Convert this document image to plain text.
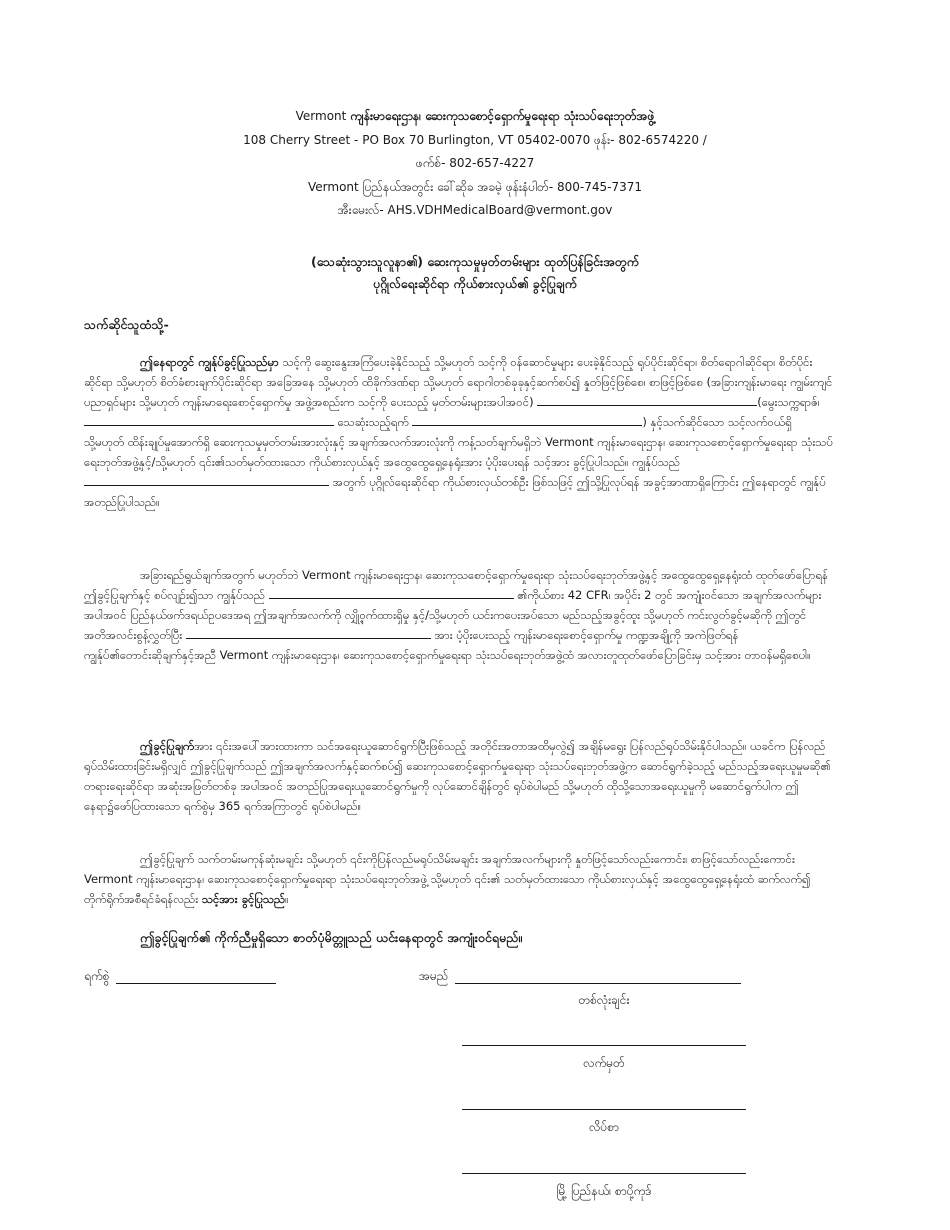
Vermont ကျန်းမာရေးဌာန၊ ဆေးကုသစောင့်ရှောက်မှုရေးရာ သုံးသပ်ရေးဘုတ်အဖွဲ့
108 Cherry Street - PO Box 70 Burlington, VT 05402-0070 ဖုန်း- 802-6574220 /
ဖက်စ်- 802-657-4227
Vermont ပြည်နယ်အတွင်း ခေါ်ဆိုခ အခမဲ့ ဖုန်းနံပါတ်- 800-745-7371
အီးမေးလ်- AHS.VDHMedicalBoard@vermont.gov
(သေဆုံးသွားသူလူနာ၏) ဆေးကုသမှုမှတ်တမ်းများ ထုတ်ပြန်ခြင်းအတွက်
ပုဂ္ဂိုလ်ရေးဆိုင်ရာ ကိုယ်စားလှယ်၏ ခွင့်ပြုချက်
သက်ဆိုင်သူထံသို့-

ဤနေရာတွင် ကျွန်ုပ်ခွင့်ပြုသည်မှာ သင့်ကို ဆွေးနွေးအကြံပေးခဲ့နိုင်သည့် သို့မဟုတ် သင့်ကို ဝန်ဆောင်မှုများ ပေးခဲ့နိုင်သည့် ရုပ်ပိုင်းဆိုင်ရာ၊ စိတ်ရောဂါဆိုင်ရာ၊ စိတ်ပိုင်းဆိုင်ရာ သို့မဟုတ် စိတ်ခံစားချက်ပိုင်းဆိုင်ရာ အခြေအနေ သို့မဟုတ် ထိခိုက်ဒဏ်ရာ သို့မဟုတ် ရောဂါတစ်ခုခုနှင့်ဆက်စပ်၍ နှုတ်ဖြင့်ဖြစ်စေ၊ စာဖြင့်ဖြစ်စေ (အခြားကျန်းမာရေး ကျွမ်းကျင်ပညာရှင်များ သို့မဟုတ် ကျန်းမာရေးစောင့်ရှောက်မှု အဖွဲ့အစည်းက သင့်ကို ပေးသည့် မှတ်တမ်းများအပါအဝင်)	(မွေးသက္ကရာဇ်၊  သေဆုံးသည့်ရက်	) နှင့်သက်ဆိုင်သော သင့်လက်ဝယ်ရှိ သို့မဟုတ် ထိန်းချုပ်မှုအောက်ရှိ ဆေးကုသမှုမှတ်တမ်းအားလုံးနှင့် အချက်အလက်အားလုံးကို ကန့်သတ်ချက်မရှိဘဲ Vermont ကျန်းမာရေးဌာန၊ ဆေးကုသစောင့်ရှောက်မှုရေးရာ သုံးသပ်ရေးဘုတ်အဖွဲ့နှင့်/သို့မဟုတ် ၎င်း၏သတ်မှတ်ထားသော ကိုယ်စားလှယ်နှင့် အထွေထွေရှေ့နေရုံးအား ပံ့ပိုးပေးရန် သင့်အား ခွင့်ပြုပါသည်။ ကျွန်ုပ်သည်  အတွက် ပုဂ္ဂိုလ်ရေးဆိုင်ရာ ကိုယ်စားလှယ်တစ်ဦး ဖြစ်သဖြင့် ဤသို့ပြုလုပ်ရန် အခွင့်အာဏာရှိကြောင်း ဤနေရာတွင် ကျွန်ုပ်အတည်ပြုပါသည်။

အခြားရည်ရွယ်ချက်အတွက် မဟုတ်ဘဲ Vermont ကျန်းမာရေးဌာန၊ ဆေးကုသစောင့်ရှောက်မှုရေးရာ သုံးသပ်ရေးဘုတ်အဖွဲ့နှင့် အထွေထွေရှေ့နေရုံးထံ ထုတ်ဖော်ပြောရန် ဤခွင့်ပြုချက်နှင့် စပ်လျဉ်း၍သာ ကျွန်ုပ်သည်	၏ကိုယ်စား 42 CFR၊ အပိုင်း 2 တွင် အကျုံးဝင်သော အချက်အလက်များ အပါအဝင် ပြည်နယ်ဖက်ဒရယ်ဥပဒေအရ ဤအချက်အလက်ကို လျှို့ဝှက်ထားရှိမှု နှင့်/သို့မဟုတ် ယင်းကပေးအပ်သော မည်သည့်အခွင့်ထူး သို့မဟုတ် ကင်းလွတ်ခွင့်မဆိုကို ဤတွင် အတိအလင်းစွန့်လွှတ်ပြီး	အား ပံ့ပိုးပေးသည့် ကျန်းမာရေးစောင့်ရှောက်မှု ကဏ္ဍအချို့ကို အကဲဖြတ်ရန် ကျွန်ုပ်၏တောင်းဆိုချက်နှင့်အညီ Vermont ကျန်းမာရေးဌာန၊ ဆေးကုသစောင့်ရှောက်မှုရေးရာ သုံးသပ်ရေးဘုတ်အဖွဲ့ထံ အလားတူထုတ်ဖော်ပြောခြင်းမှ သင့်အား တာဝန်မရှိစေပါ။

ဤခွင့်ပြုချက်အား ၎င်းအပေါ်အားထားကာ သင်အရေးယူဆောင်ရွက်ပြီးဖြစ်သည့် အတိုင်းအတာအထိမှလွဲ၍ အချိန်မရွေး ပြန်လည်ရုပ်သိမ်းနိုင်ပါသည်။ ယခင်က ပြန်လည်ရုပ်သိမ်းထားခြင်းမရှိလျှင် ဤခွင့်ပြုချက်သည် ဤအချက်အလက်နှင့်ဆက်စပ်၍ ဆေးကုသစောင့်ရှောက်မှုရေးရာ သုံးသပ်ရေးဘုတ်အဖွဲ့က ဆောင်ရွက်ခဲ့သည့် မည်သည့်အရေးယူမှုမဆို၏ တရားရေးဆိုင်ရာ အဆုံးအဖြတ်တစ်ခု အပါအဝင် အတည်ပြုအရေးယူဆောင်ရွက်မှုကို လုပ်ဆောင်ချိန်တွင် ရုပ်စဲပါမည် သို့မဟုတ် ထိုသို့သောအရေးယူမှုကို မဆောင်ရွက်ပါက ဤနေရာ၌ဖော်ပြထားသော ရက်စွဲမှ 365 ရက်အကြာတွင် ရုပ်စဲပါမည်။

ဤခွင့်ပြုချက် သက်တမ်းမကုန်ဆုံးမချင်း သို့မဟုတ် ၎င်းကိုပြန်လည်မရုပ်သိမ်းမချင်း အချက်အလက်များကို နှုတ်ဖြင့်သော်လည်းကောင်း၊ စာဖြင့်သော်လည်းကောင်း Vermont ကျန်းမာရေးဌာန၊ ဆေးကုသစောင့်ရှောက်မှုရေးရာ သုံးသပ်ရေးဘုတ်အဖွဲ့ သို့မဟုတ် ၎င်း၏ သတ်မှတ်ထားသော ကိုယ်စားလှယ်နှင့် အထွေထွေရှေ့နေရုံးထံ ဆက်လက်၍ တိုက်ရိုက်အစီရင်ခံရန်လည်း သင့်အား ခွင့်ပြုသည်။

ဤခွင့်ပြုချက်၏ ကိုက်ညီမှုရှိသော စာတ်ပုံမိတ္တူသည် ယင်းနေရာတွင် အကျုံးဝင်ရမည်။
ရက်စွဲ	အမည်
တစ်လုံးချင်း
လက်မှတ်
လိပ်စာ
မြို့ ပြည်နယ်၊ စာပို့ကုဒ်
